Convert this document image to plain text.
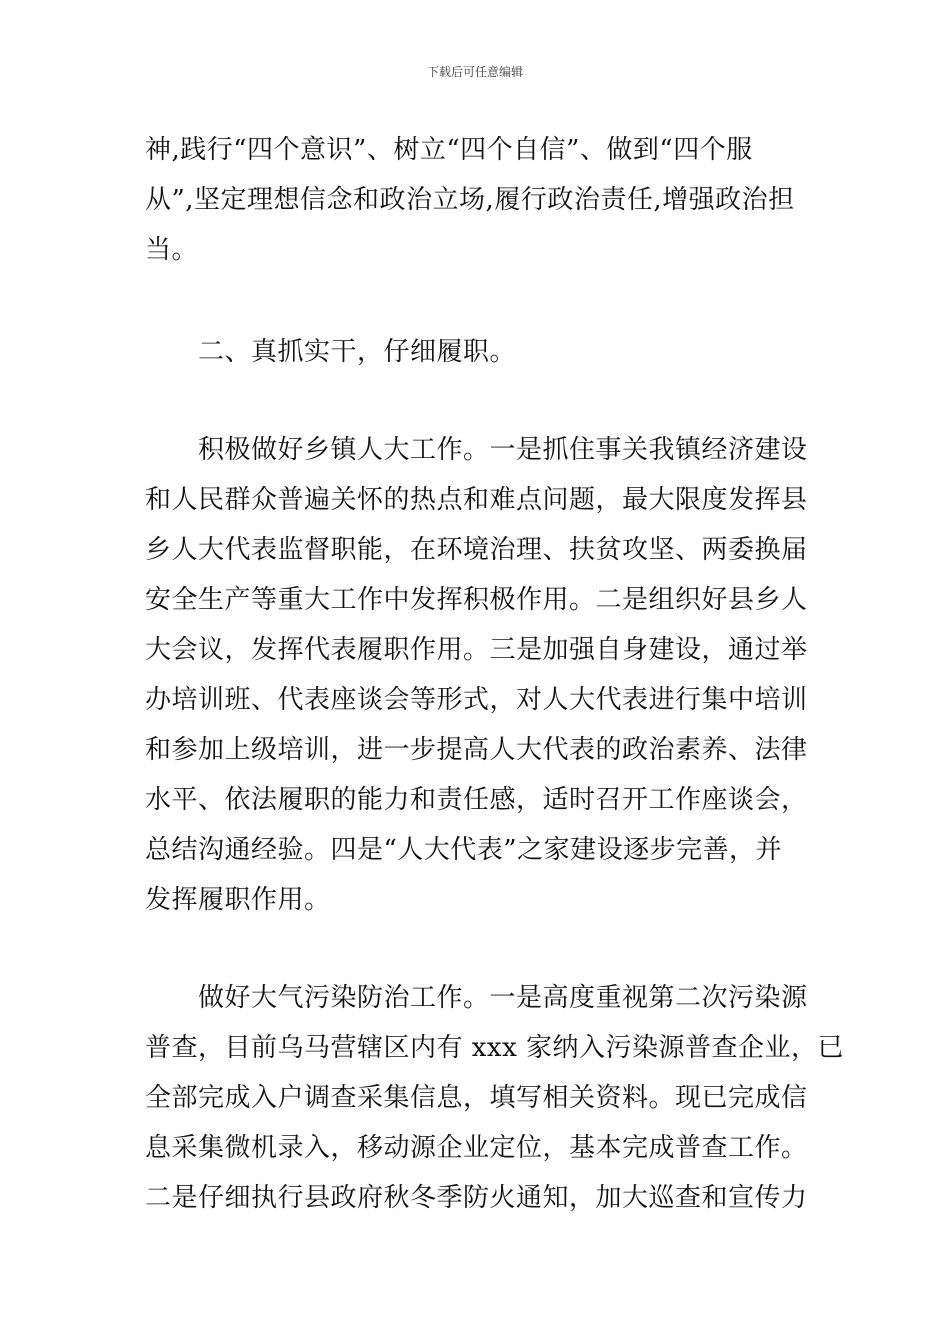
下载后可任意编辑
神,践行“四个意识”、树立“四个自信”、做到“四个服
从”,坚定理想信念和政治立场,履行政治责任,增强政治担
当。
二、真抓实干，仔细履职。
积极做好乡镇人大工作。一是抓住事关我镇经济建设
和人民群众普遍关怀的热点和难点问题，最大限度发挥县
乡人大代表监督职能，在环境治理、扶贫攻坚、两委换届
安全生产等重大工作中发挥积极作用。二是组织好县乡人
大会议，发挥代表履职作用。三是加强自身建设，通过举
办培训班、代表座谈会等形式，对人大代表进行集中培训
和参加上级培训，进一步提高人大代表的政治素养、法律
水平、依法履职的能力和责任感，适时召开工作座谈会，
总结沟通经验。四是“人大代表”之家建设逐步完善，并
发挥履职作用。
做好大气污染防治工作。一是高度重视第二次污染源
普查，目前乌马营辖区内有 xxx 家纳入污染源普查企业，已
全部完成入户调查采集信息，填写相关资料。现已完成信
息采集微机录入，移动源企业定位，基本完成普查工作。
二是仔细执行县政府秋冬季防火通知，加大巡查和宣传力
